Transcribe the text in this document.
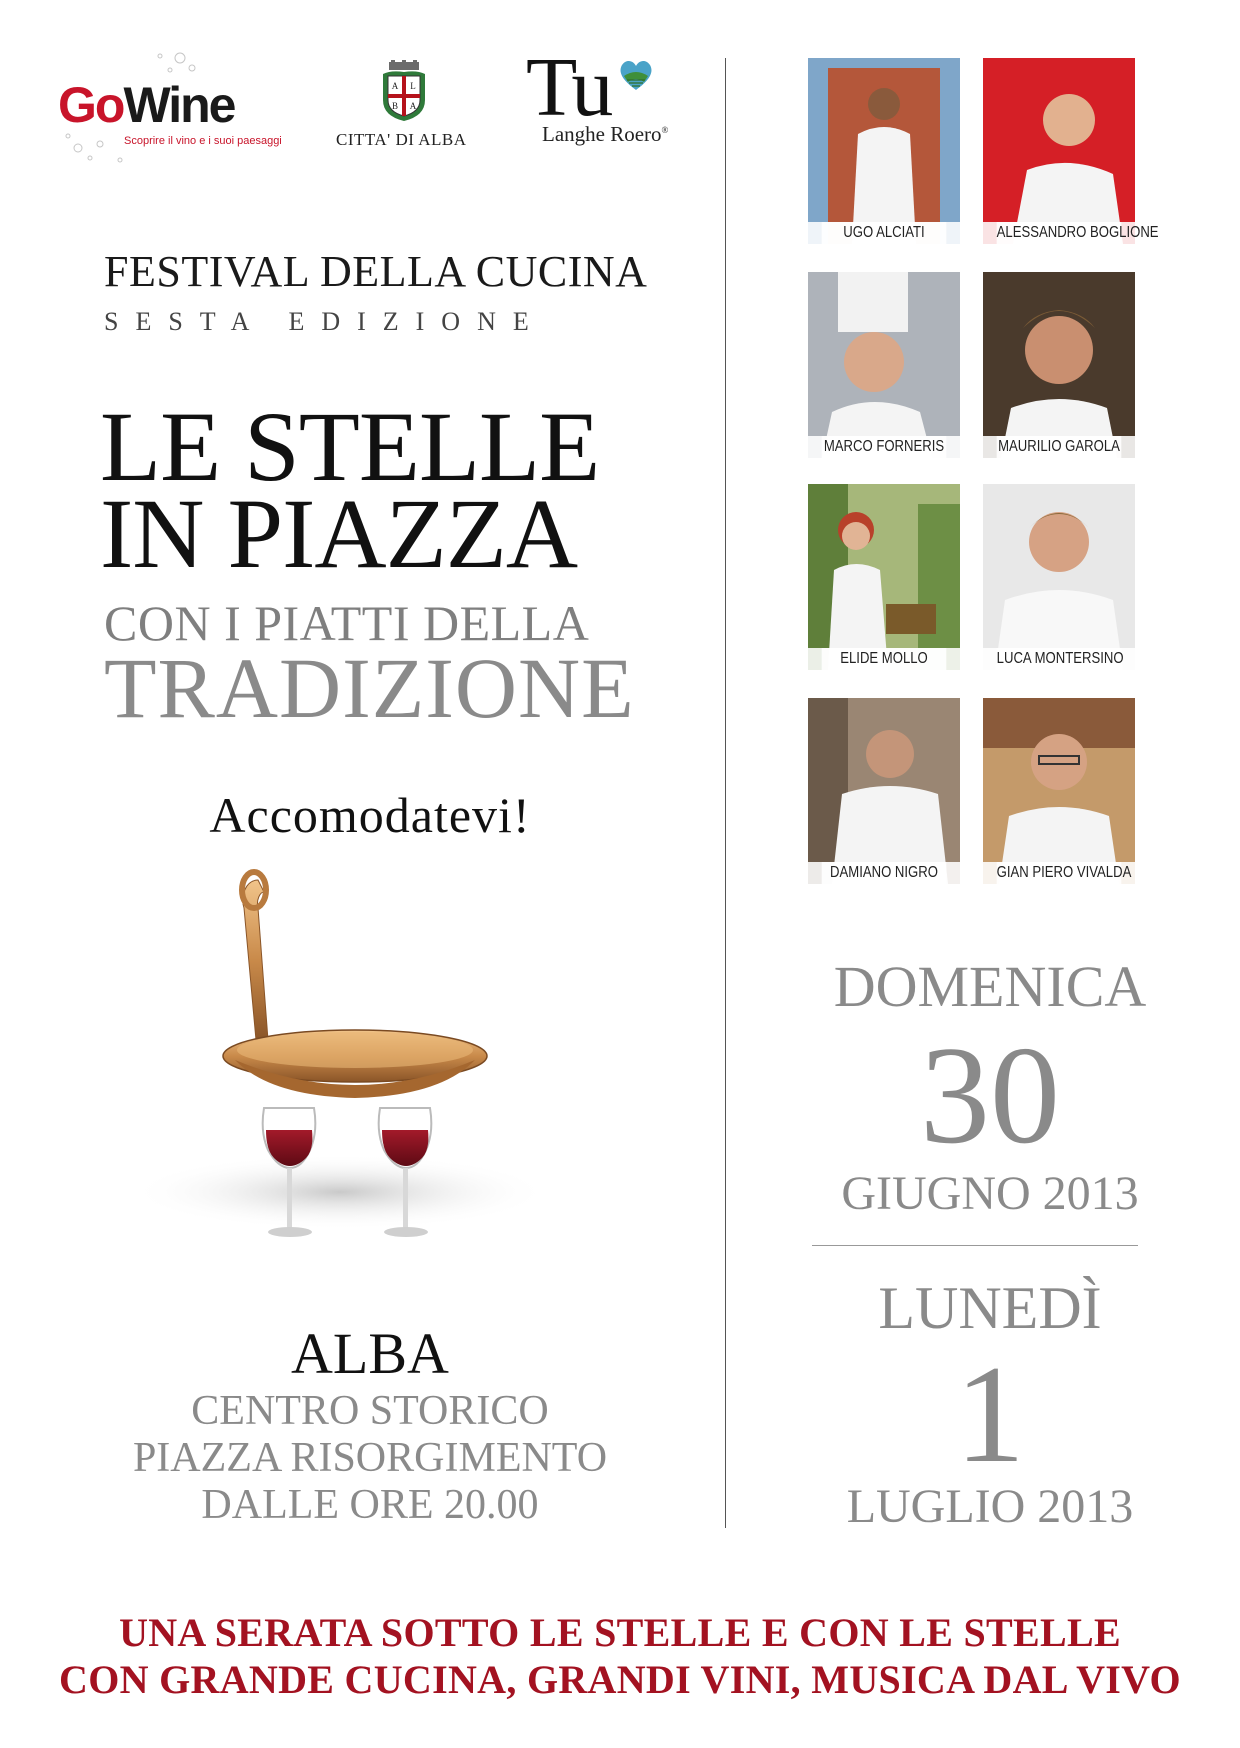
GoWine
Scoprire il vino e i suoi paesaggi
A L
B A
CITTA' DI ALBA
Tu
Langhe Roero®
FESTIVAL DELLA CUCINA
SESTA EDIZIONE
LE STELLE
IN PIAZZA
CON I PIATTI DELLA
TRADIZIONE
Accomodatevi!
ALBA
CENTRO STORICO
PIAZZA RISORGIMENTO
DALLE ORE 20.00
UGO ALCIATI	ALESSANDRO BOGLIONE
MARCO FORNERIS	MAURILIO GAROLA
ELIDE MOLLO	LUCA MONTERSINO
DAMIANO NIGRO	GIAN PIERO VIVALDA
DOMENICA
30
GIUGNO 2013
LUNEDÌ
1
LUGLIO 2013
UNA SERATA SOTTO LE STELLE E CON LE STELLE
CON GRANDE CUCINA, GRANDI VINI, MUSICA DAL VIVO
